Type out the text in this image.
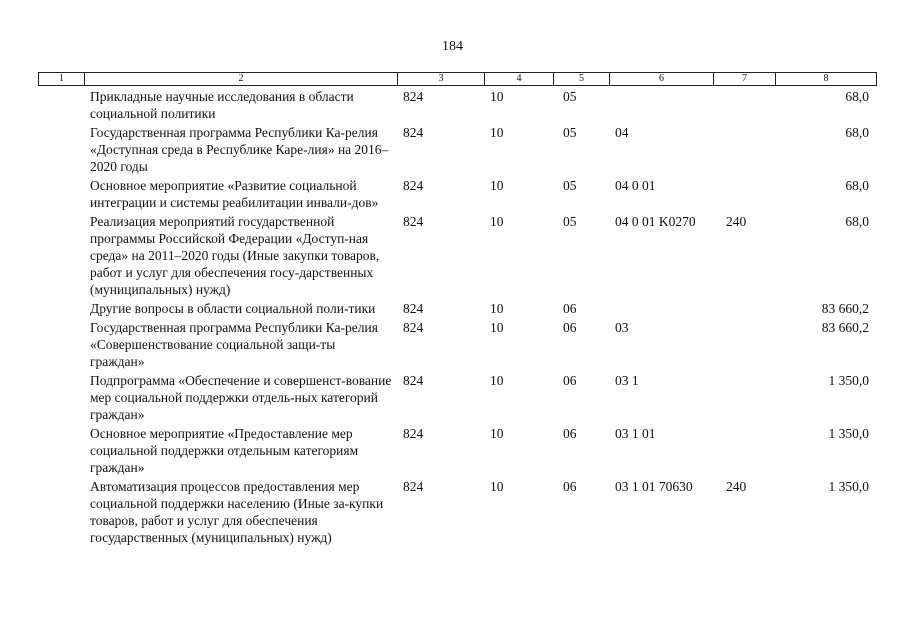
184
1	2	3	4	5	6	7	8
	Прикладные научные исследования в области социальной политики	824	10	05			68,0
	Государственная программа Республики Ка-релия «Доступная среда в Республике Каре-лия» на 2016–2020 годы	824	10	05	04		68,0
	Основное мероприятие «Развитие социальной интеграции и системы реабилитации инвали-дов»	824	10	05	04 0 01		68,0
	Реализация мероприятий государственной программы Российской Федерации «Доступ-ная среда» на 2011–2020 годы (Иные закупки товаров, работ и услуг для обеспечения госу-дарственных (муниципальных) нужд)	824	10	05	04 0 01 K0270	240	68,0
	Другие вопросы в области социальной поли-тики	824	10	06			83 660,2
	Государственная программа Республики Ка-релия «Совершенствование социальной защи-ты граждан»	824	10	06	03		83 660,2
	Подпрограмма «Обеспечение и совершенст-вование мер социальной поддержки отдель-ных категорий граждан»	824	10	06	03 1		1 350,0
	Основное мероприятие «Предоставление мер социальной поддержки отдельным категориям граждан»	824	10	06	03 1 01		1 350,0
	Автоматизация процессов предоставления мер социальной поддержки населению (Иные за-купки товаров, работ и услуг для обеспечения государственных (муниципальных) нужд)	824	10	06	03 1 01 70630	240	1 350,0
